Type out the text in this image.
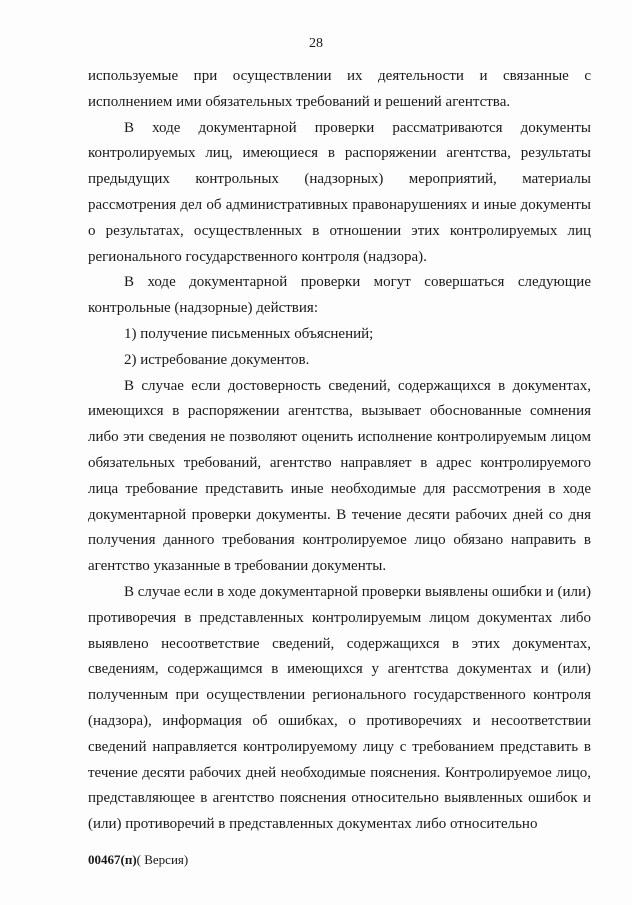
28

используемые при осуществлении их деятельности и связанные с исполнением ими обязательных требований и решений агентства.

В ходе документарной проверки рассматриваются документы контролируемых лиц, имеющиеся в распоряжении агентства, результаты предыдущих контрольных (надзорных) мероприятий, материалы рассмотрения дел об административных правонарушениях и иные документы о результатах, осуществленных в отношении этих контролируемых лиц регионального государственного контроля (надзора).

В ходе документарной проверки могут совершаться следующие контрольные (надзорные) действия:

1) получение письменных объяснений;

2) истребование документов.

В случае если достоверность сведений, содержащихся в документах, имеющихся в распоряжении агентства, вызывает обоснованные сомнения либо эти сведения не позволяют оценить исполнение контролируемым лицом обязательных требований, агентство направляет в адрес контролируемого лица требование представить иные необходимые для рассмотрения в ходе документарной проверки документы. В течение десяти рабочих дней со дня получения данного требования контролируемое лицо обязано направить в агентство указанные в требовании документы.

В случае если в ходе документарной проверки выявлены ошибки и (или) противоречия в представленных контролируемым лицом документах либо выявлено несоответствие сведений, содержащихся в этих документах, сведениям, содержащимся в имеющихся у агентства документах и (или) полученным при осуществлении регионального государственного контроля (надзора), информация об ошибках, о противоречиях и несоответствии сведений направляется контролируемому лицу с требованием представить в течение десяти рабочих дней необходимые пояснения. Контролируемое лицо, представляющее в агентство пояснения относительно выявленных ошибок и (или) противоречий в представленных документах либо относительно

00467(п)( Версия)
